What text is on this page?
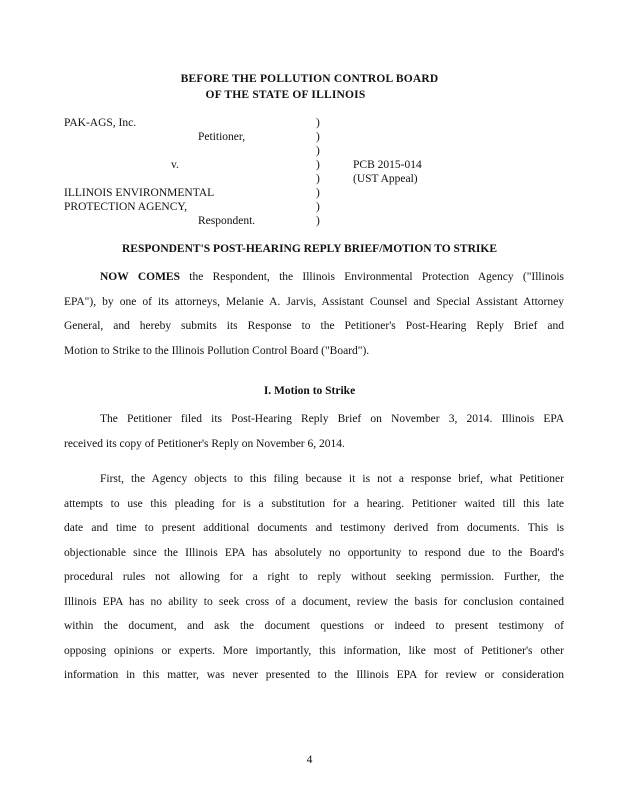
BEFORE THE POLLUTION CONTROL BOARD
OF THE STATE OF ILLINOIS
PAK-AGS, Inc.
Petitioner,
v.
ILLINOIS ENVIRONMENTAL
PROTECTION AGENCY,
Respondent.
PCB 2015-014
(UST Appeal)
)
)
)
)
)
)
)
)
RESPONDENT'S POST-HEARING REPLY BRIEF/MOTION TO STRIKE
NOW COMES the Respondent, the Illinois Environmental Protection Agency ("Illinois
EPA"), by one of its attorneys, Melanie A. Jarvis, Assistant Counsel and Special Assistant Attorney
General, and hereby submits its Response to the Petitioner's Post-Hearing Reply Brief and
Motion to Strike to the Illinois Pollution Control Board ("Board").
I. Motion to Strike
The Petitioner filed its Post-Hearing Reply Brief on November 3, 2014. Illinois EPA
received its copy of Petitioner's Reply on November 6, 2014.
First, the Agency objects to this filing because it is not a response brief, what Petitioner
attempts to use this pleading for is a substitution for a hearing. Petitioner waited till this late
date and time to present additional documents and testimony derived from documents. This is
objectionable since the Illinois EPA has absolutely no opportunity to respond due to the Board's
procedural rules not allowing for a right to reply without seeking permission. Further, the
Illinois EPA has no ability to seek cross of a document, review the basis for conclusion contained
within the document, and ask the document questions or indeed to present testimony of
opposing opinions or experts. More importantly, this information, like most of Petitioner's other
information in this matter, was never presented to the Illinois EPA for review or consideration
4
